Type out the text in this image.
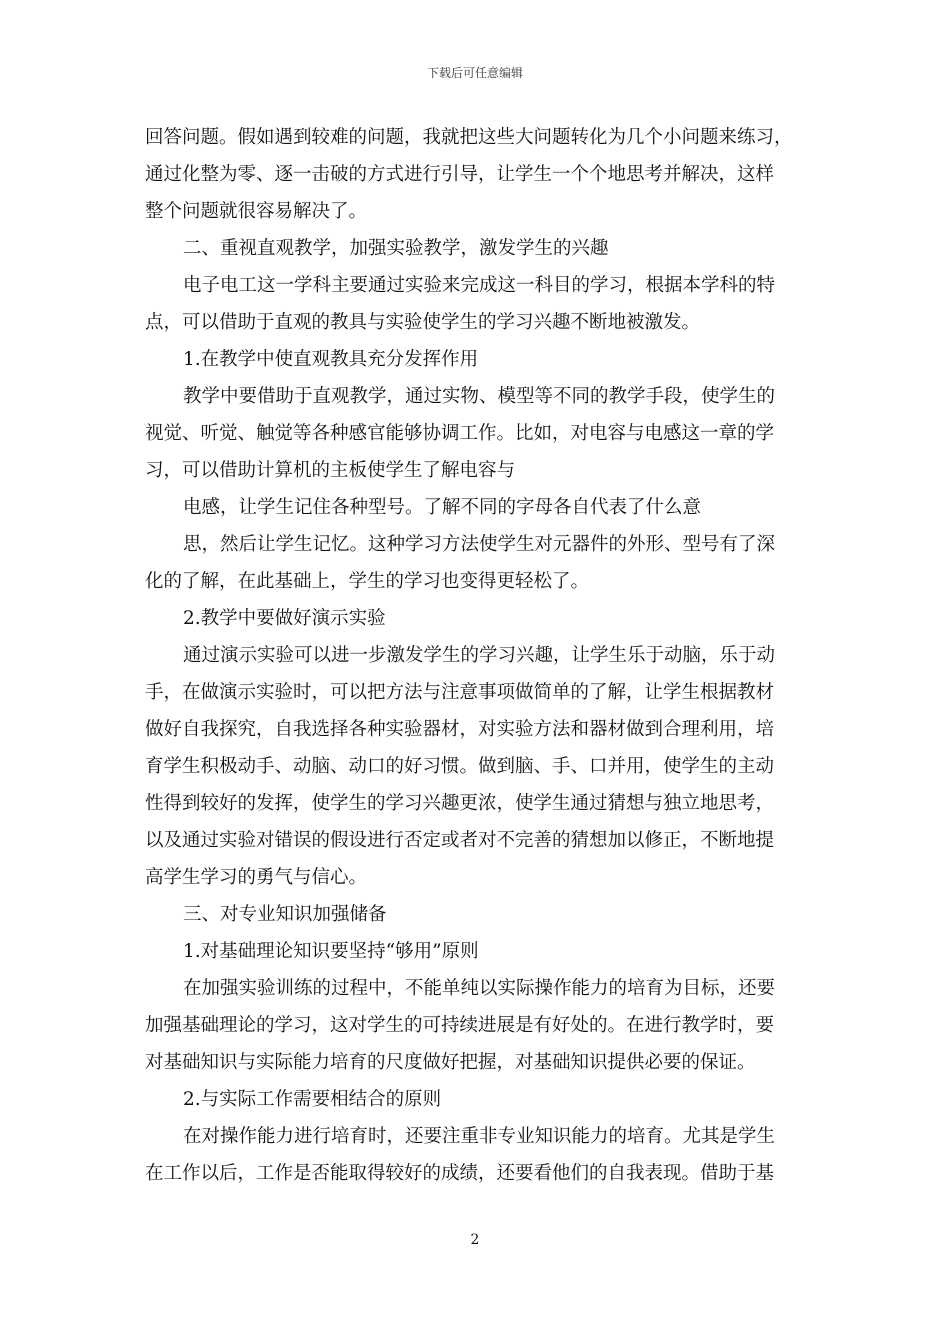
下载后可任意编辑
回答问题。假如遇到较难的问题，我就把这些大问题转化为几个小问题来练习，
通过化整为零、逐一击破的方式进行引导，让学生一个个地思考并解决，这样
整个问题就很容易解决了。
二、重视直观教学，加强实验教学，激发学生的兴趣
电子电工这一学科主要通过实验来完成这一科目的学习，根据本学科的特
点，可以借助于直观的教具与实验使学生的学习兴趣不断地被激发。
1.在教学中使直观教具充分发挥作用
教学中要借助于直观教学，通过实物、模型等不同的教学手段，使学生的
视觉、听觉、触觉等各种感官能够协调工作。比如，对电容与电感这一章的学
习，可以借助计算机的主板使学生了解电容与
电感，让学生记住各种型号。了解不同的字母各自代表了什么意
思，然后让学生记忆。这种学习方法使学生对元器件的外形、型号有了深
化的了解，在此基础上，学生的学习也变得更轻松了。
2.教学中要做好演示实验
通过演示实验可以进一步激发学生的学习兴趣，让学生乐于动脑，乐于动
手，在做演示实验时，可以把方法与注意事项做简单的了解，让学生根据教材
做好自我探究，自我选择各种实验器材，对实验方法和器材做到合理利用，培
育学生积极动手、动脑、动口的好习惯。做到脑、手、口并用，使学生的主动
性得到较好的发挥，使学生的学习兴趣更浓，使学生通过猜想与独立地思考，
以及通过实验对错误的假设进行否定或者对不完善的猜想加以修正，不断地提
高学生学习的勇气与信心。
三、对专业知识加强储备
1.对基础理论知识要坚持“够用”原则
在加强实验训练的过程中，不能单纯以实际操作能力的培育为目标，还要
加强基础理论的学习，这对学生的可持续进展是有好处的。在进行教学时，要
对基础知识与实际能力培育的尺度做好把握，对基础知识提供必要的保证。
2.与实际工作需要相结合的原则
在对操作能力进行培育时，还要注重非专业知识能力的培育。尤其是学生
在工作以后，工作是否能取得较好的成绩，还要看他们的自我表现。借助于基
2
